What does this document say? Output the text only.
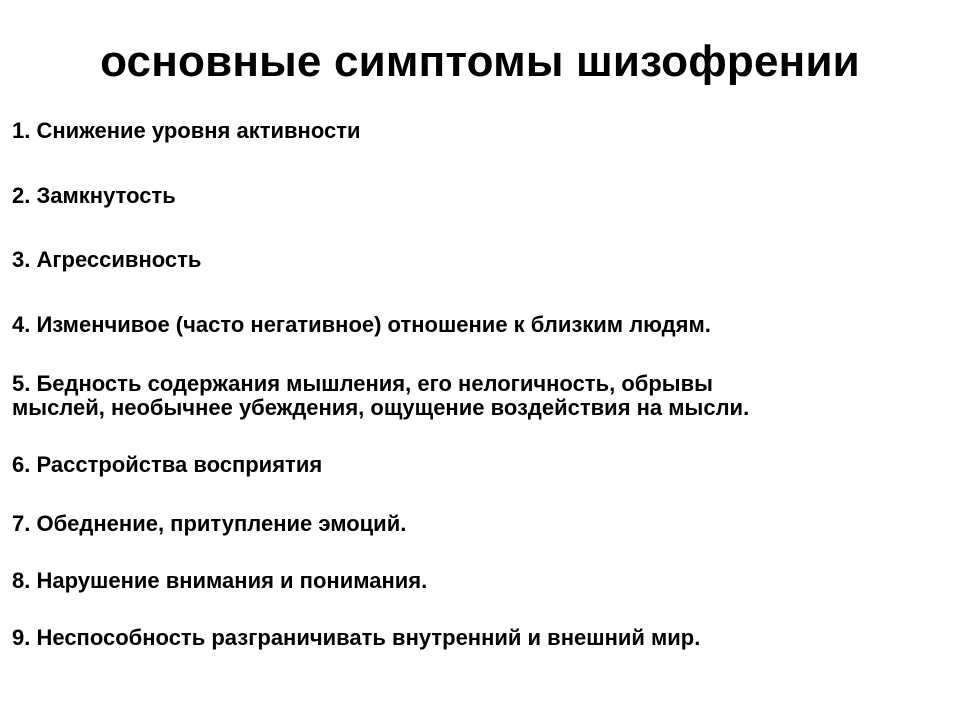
основные симптомы шизофрении
1. Снижение уровня активности
2. Замкнутость
3. Агрессивность
4. Изменчивое (часто негативное) отношение к близким людям.
5. Бедность содержания мышления, его нелогичность, обрывы
мыслей, необычнее убеждения, ощущение воздействия на мысли.
6. Расстройства восприятия
7. Обеднение, притупление эмоций.
8. Нарушение внимания и понимания.
9. Неспособность разграничивать внутренний и внешний мир.
